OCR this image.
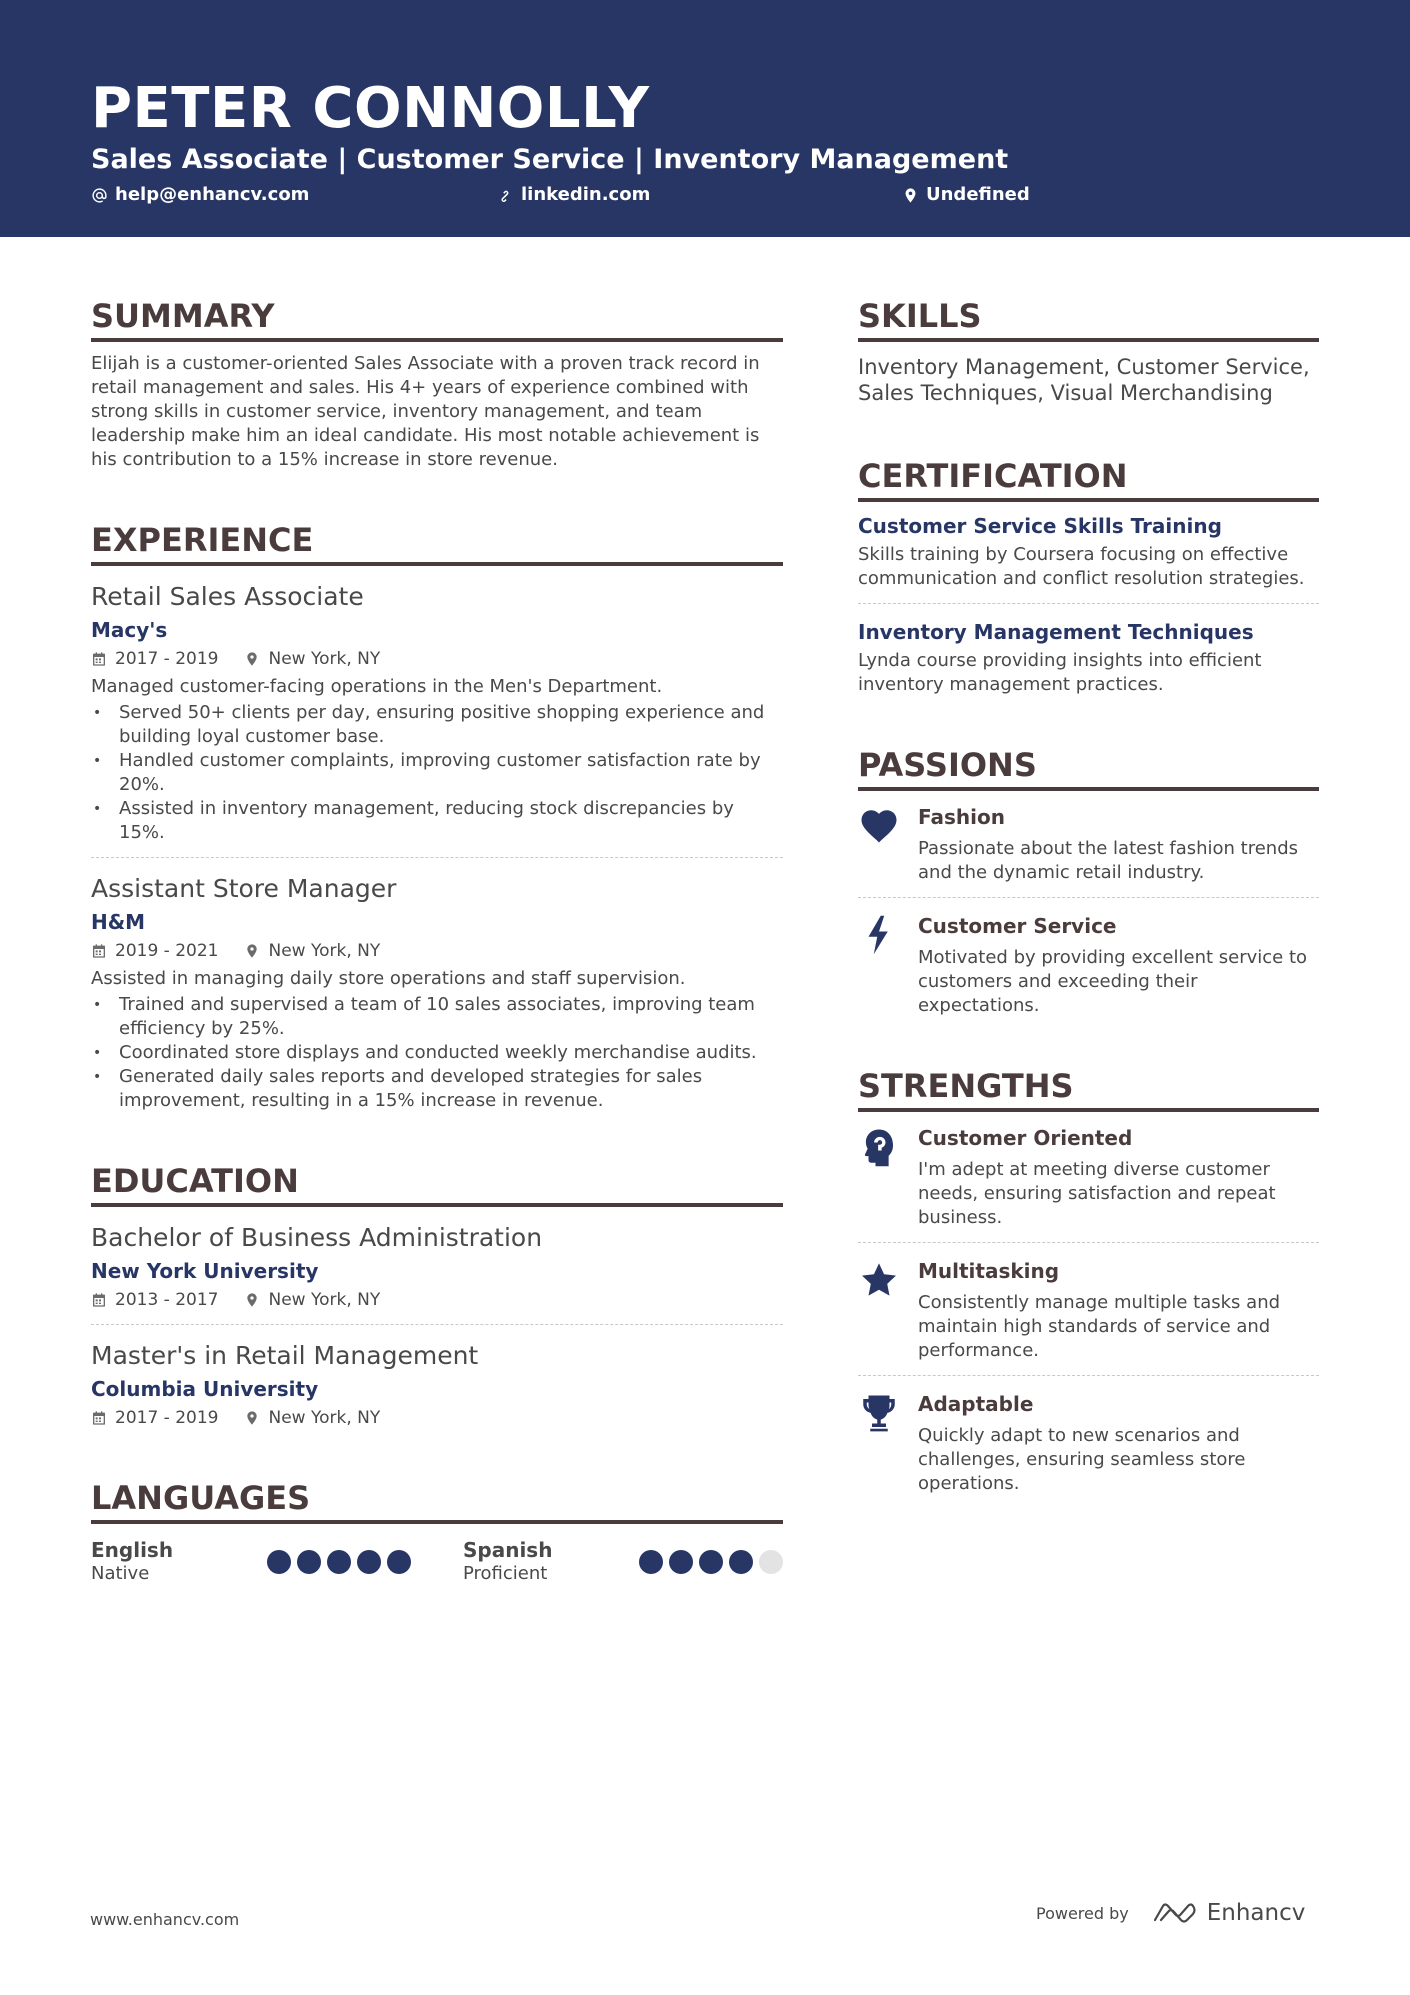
PETER CONNOLLY
Sales Associate | Customer Service | Inventory Management
help@enhancv.com	linkedin.com	Undefined
SUMMARY
Elijah is a customer-oriented Sales Associate with a proven track record in retail management and sales. His 4+ years of experience combined with strong skills in customer service, inventory management, and team leadership make him an ideal candidate. His most notable achievement is his contribution to a 15% increase in store revenue.
EXPERIENCE
Retail Sales Associate
Macy's
2017 - 2019	New York, NY
Managed customer-facing operations in the Men's Department.
• Served 50+ clients per day, ensuring positive shopping experience and building loyal customer base.
• Handled customer complaints, improving customer satisfaction rate by 20%.
• Assisted in inventory management, reducing stock discrepancies by 15%.
Assistant Store Manager
H&M
2019 - 2021	New York, NY
Assisted in managing daily store operations and staff supervision.
• Trained and supervised a team of 10 sales associates, improving team efficiency by 25%.
• Coordinated store displays and conducted weekly merchandise audits.
• Generated daily sales reports and developed strategies for sales improvement, resulting in a 15% increase in revenue.
EDUCATION
Bachelor of Business Administration
New York University
2013 - 2017	New York, NY
Master's in Retail Management
Columbia University
2017 - 2019	New York, NY
LANGUAGES
English
Native
Spanish
Proficient
SKILLS
Inventory Management, Customer Service, Sales Techniques, Visual Merchandising
CERTIFICATION
Customer Service Skills Training
Skills training by Coursera focusing on effective communication and conflict resolution strategies.
Inventory Management Techniques
Lynda course providing insights into efficient inventory management practices.
PASSIONS
Fashion
Passionate about the latest fashion trends and the dynamic retail industry.
Customer Service
Motivated by providing excellent service to customers and exceeding their expectations.
STRENGTHS
Customer Oriented
I'm adept at meeting diverse customer needs, ensuring satisfaction and repeat business.
Multitasking
Consistently manage multiple tasks and maintain high standards of service and performance.
Adaptable
Quickly adapt to new scenarios and challenges, ensuring seamless store operations.
www.enhancv.com	Powered by	Enhancv
